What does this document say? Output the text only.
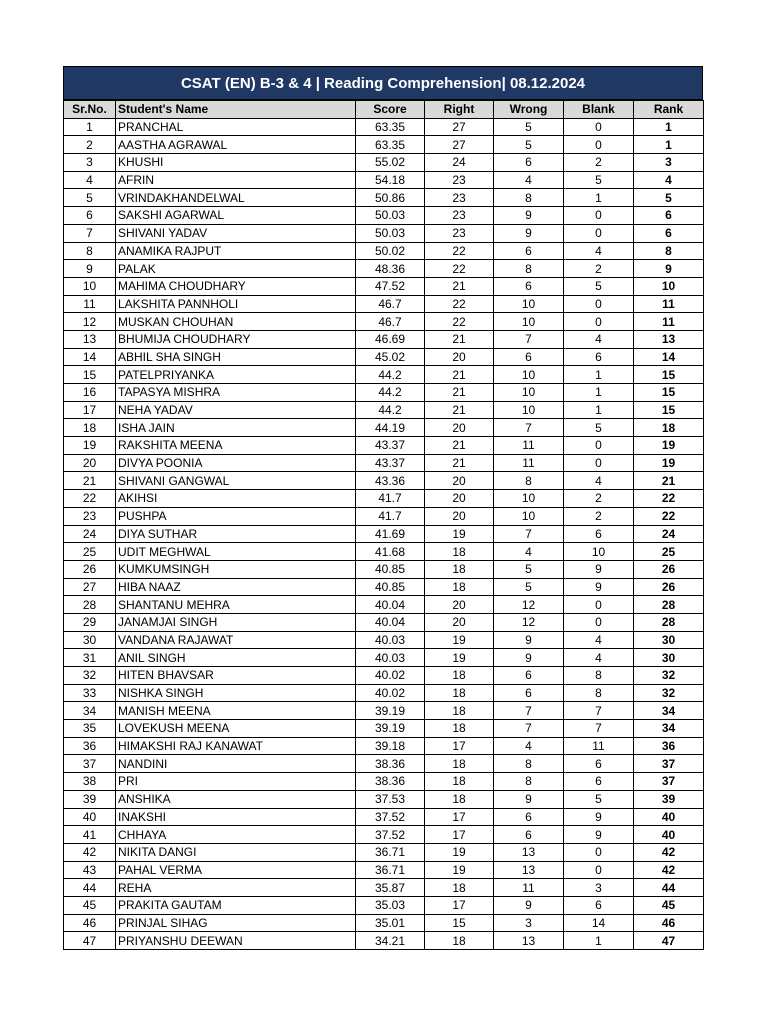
CSAT (EN) B-3 & 4 | Reading Comprehension| 08.12.2024
Sr.No.	Student's Name	Score	Right	Wrong	Blank	Rank
1	PRANCHAL	63.35	27	5	0	1
2	AASTHA AGRAWAL	63.35	27	5	0	1
3	KHUSHI	55.02	24	6	2	3
4	AFRIN	54.18	23	4	5	4
5	VRINDAKHANDELWAL	50.86	23	8	1	5
6	SAKSHI AGARWAL	50.03	23	9	0	6
7	SHIVANI YADAV	50.03	23	9	0	6
8	ANAMIKA RAJPUT	50.02	22	6	4	8
9	PALAK	48.36	22	8	2	9
10	MAHIMA CHOUDHARY	47.52	21	6	5	10
11	LAKSHITA PANNHOLI	46.7	22	10	0	11
12	MUSKAN CHOUHAN	46.7	22	10	0	11
13	BHUMIJA CHOUDHARY	46.69	21	7	4	13
14	ABHIL SHA SINGH	45.02	20	6	6	14
15	PATELPRIYANKA	44.2	21	10	1	15
16	TAPASYA MISHRA	44.2	21	10	1	15
17	NEHA YADAV	44.2	21	10	1	15
18	ISHA JAIN	44.19	20	7	5	18
19	RAKSHITA MEENA	43.37	21	11	0	19
20	DIVYA POONIA	43.37	21	11	0	19
21	SHIVANI GANGWAL	43.36	20	8	4	21
22	AKIHSI	41.7	20	10	2	22
23	PUSHPA	41.7	20	10	2	22
24	DIYA SUTHAR	41.69	19	7	6	24
25	UDIT MEGHWAL	41.68	18	4	10	25
26	KUMKUMSINGH	40.85	18	5	9	26
27	HIBA NAAZ	40.85	18	5	9	26
28	SHANTANU MEHRA	40.04	20	12	0	28
29	JANAMJAI SINGH	40.04	20	12	0	28
30	VANDANA RAJAWAT	40.03	19	9	4	30
31	ANIL SINGH	40.03	19	9	4	30
32	HITEN BHAVSAR	40.02	18	6	8	32
33	NISHKA SINGH	40.02	18	6	8	32
34	MANISH MEENA	39.19	18	7	7	34
35	LOVEKUSH MEENA	39.19	18	7	7	34
36	HIMAKSHI RAJ KANAWAT	39.18	17	4	11	36
37	NANDINI	38.36	18	8	6	37
38	PRI	38.36	18	8	6	37
39	ANSHIKA	37.53	18	9	5	39
40	INAKSHI	37.52	17	6	9	40
41	CHHAYA	37.52	17	6	9	40
42	NIKITA DANGI	36.71	19	13	0	42
43	PAHAL VERMA	36.71	19	13	0	42
44	REHA	35.87	18	11	3	44
45	PRAKITA GAUTAM	35.03	17	9	6	45
46	PRINJAL SIHAG	35.01	15	3	14	46
47	PRIYANSHU DEEWAN	34.21	18	13	1	47
